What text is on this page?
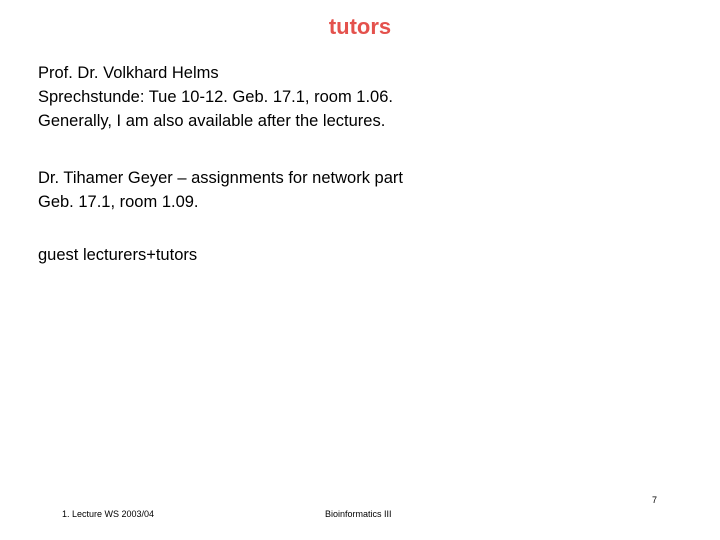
tutors

Prof. Dr. Volkhard Helms

Sprechstunde: Tue 10-12. Geb. 17.1, room 1.06.

Generally, I am also available after the lectures.

Dr. Tihamer Geyer – assignments for network part

Geb. 17.1, room 1.09.

guest lecturers+tutors

7
1. Lecture WS 2003/04	Bioinformatics III
